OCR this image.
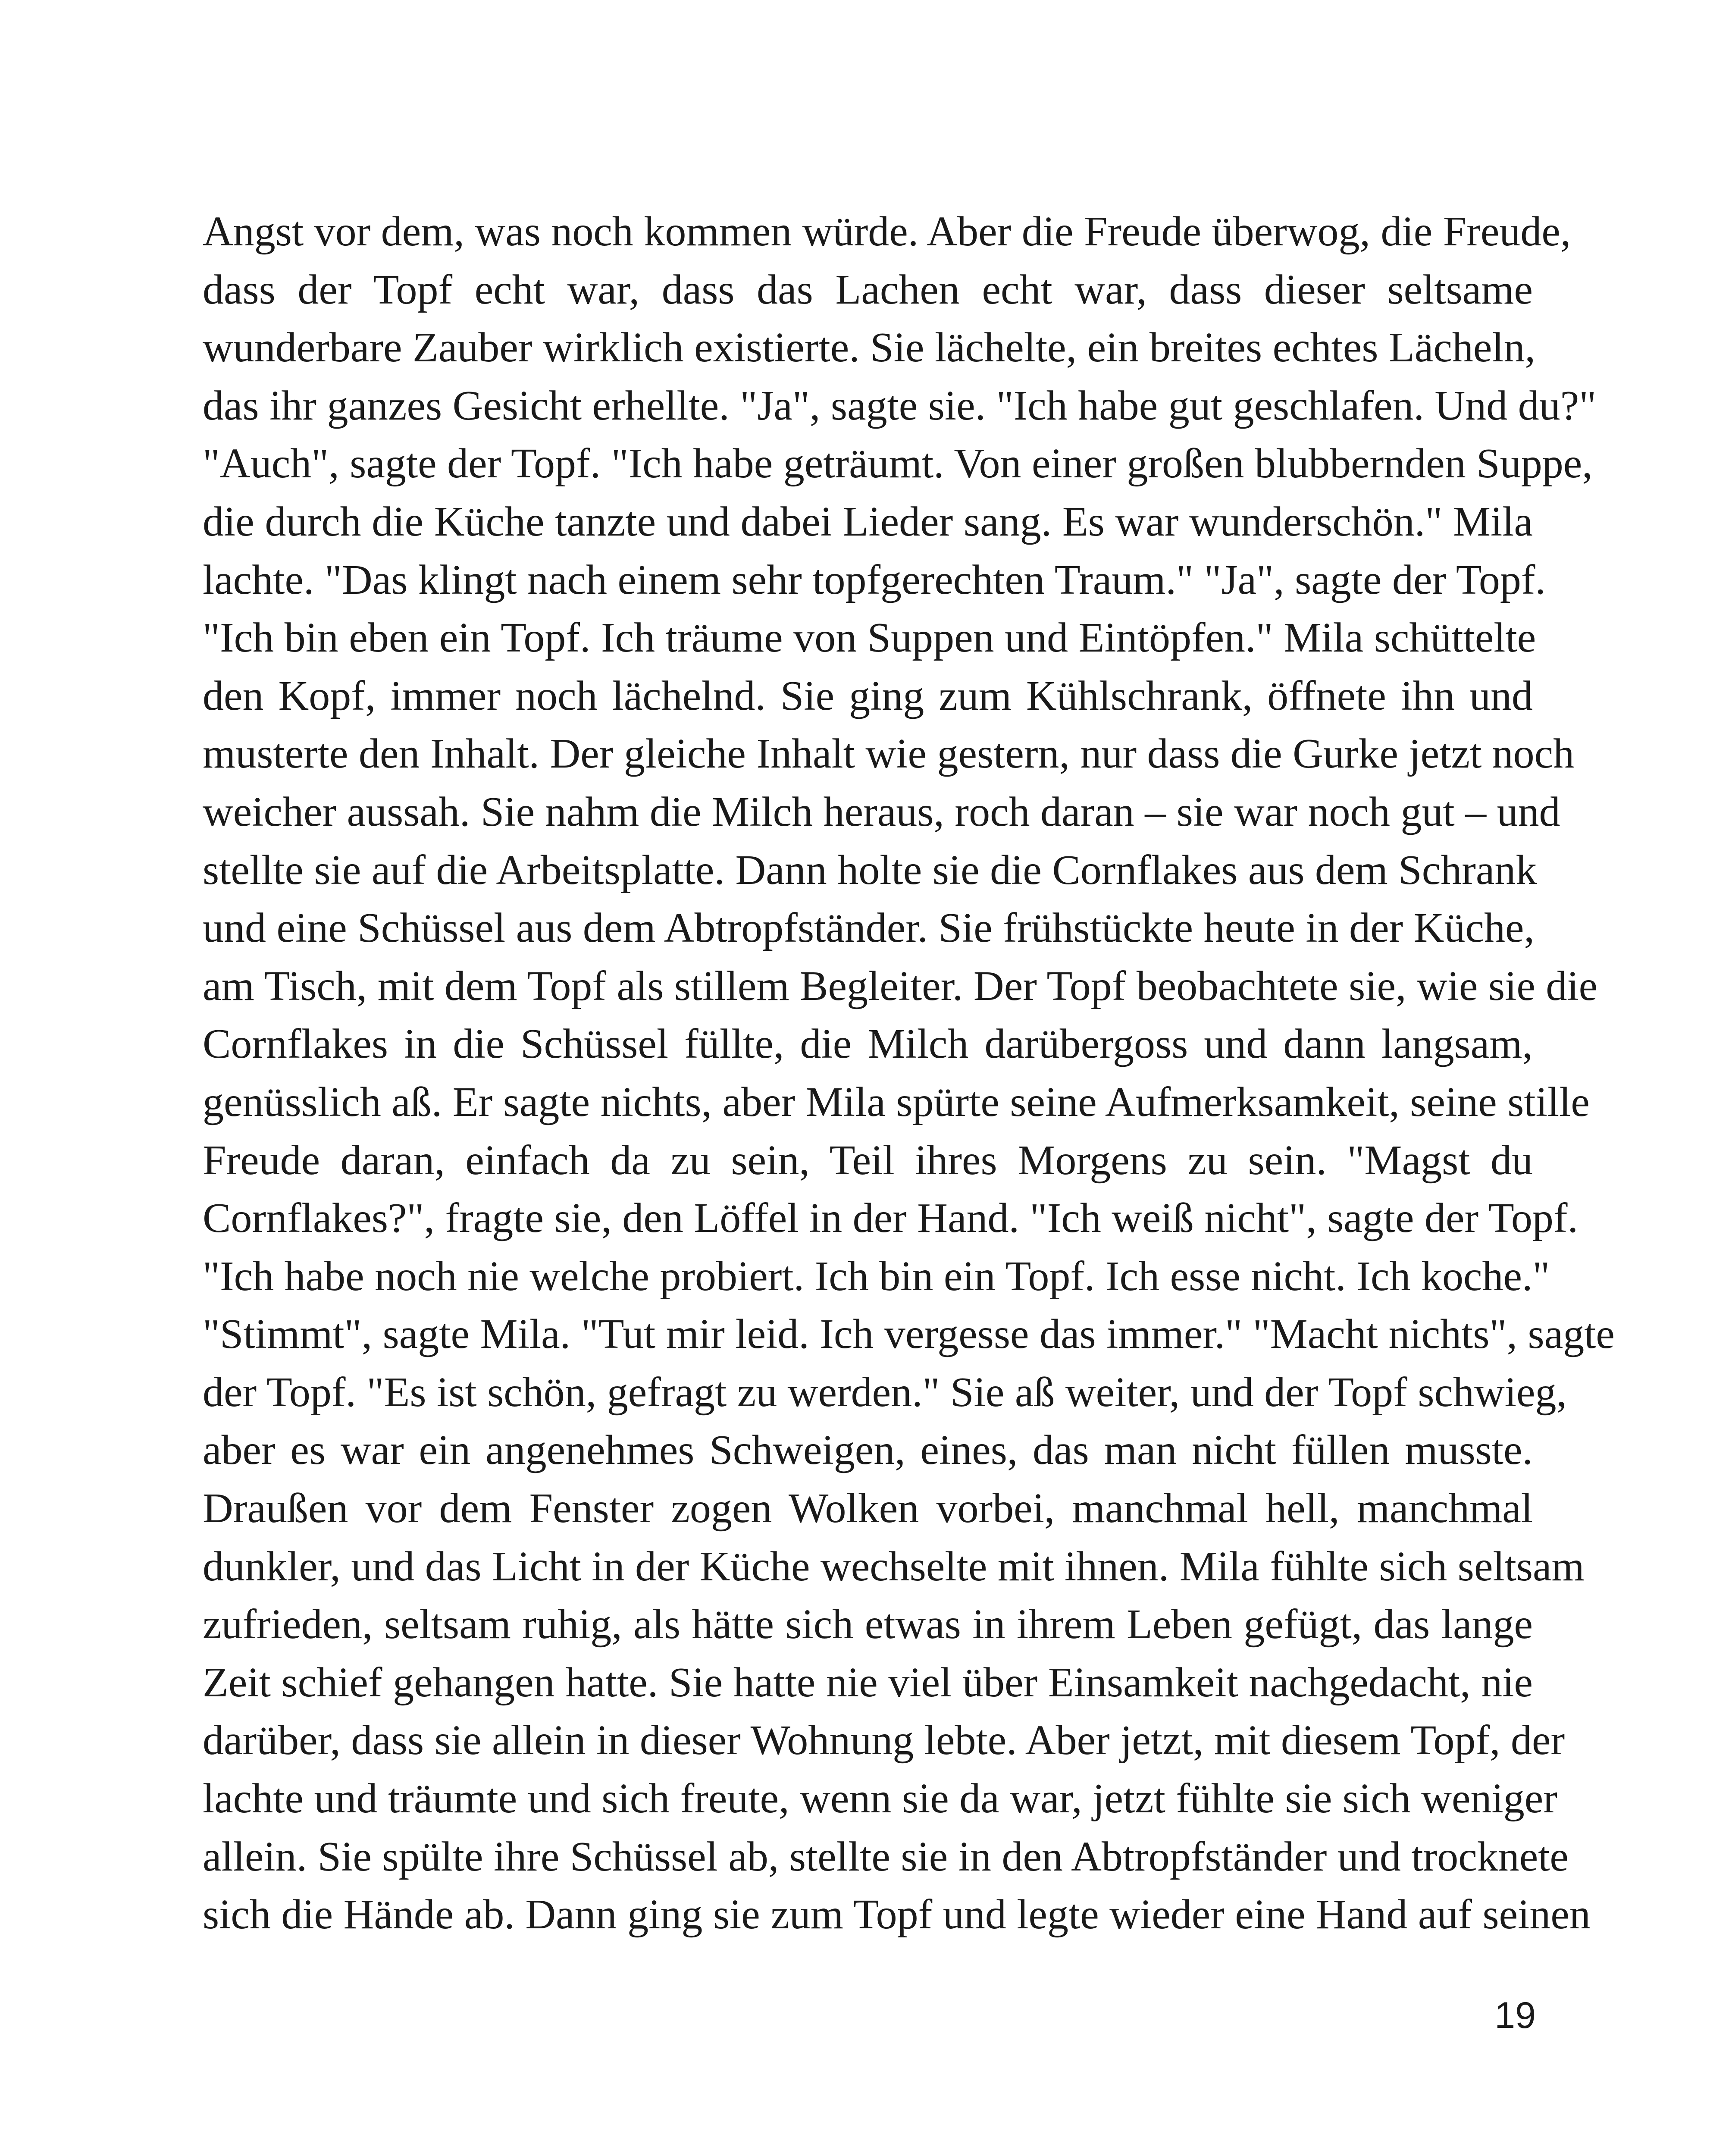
Angst vor dem, was noch kommen würde. Aber die Freude überwog, die Freude,
dass der Topf echt war, dass das Lachen echt war, dass dieser seltsame
wunderbare Zauber wirklich existierte. Sie lächelte, ein breites echtes Lächeln,
das ihr ganzes Gesicht erhellte. "Ja", sagte sie. "Ich habe gut geschlafen. Und du?"
"Auch", sagte der Topf. "Ich habe geträumt. Von einer großen blubbernden Suppe,
die durch die Küche tanzte und dabei Lieder sang. Es war wunderschön." Mila
lachte. "Das klingt nach einem sehr topfgerechten Traum." "Ja", sagte der Topf.
"Ich bin eben ein Topf. Ich träume von Suppen und Eintöpfen." Mila schüttelte
den Kopf, immer noch lächelnd. Sie ging zum Kühlschrank, öffnete ihn und
musterte den Inhalt. Der gleiche Inhalt wie gestern, nur dass die Gurke jetzt noch
weicher aussah. Sie nahm die Milch heraus, roch daran – sie war noch gut – und
stellte sie auf die Arbeitsplatte. Dann holte sie die Cornflakes aus dem Schrank
und eine Schüssel aus dem Abtropfständer. Sie frühstückte heute in der Küche,
am Tisch, mit dem Topf als stillem Begleiter. Der Topf beobachtete sie, wie sie die
Cornflakes in die Schüssel füllte, die Milch darübergoss und dann langsam,
genüsslich aß. Er sagte nichts, aber Mila spürte seine Aufmerksamkeit, seine stille
Freude daran, einfach da zu sein, Teil ihres Morgens zu sein. "Magst du
Cornflakes?", fragte sie, den Löffel in der Hand. "Ich weiß nicht", sagte der Topf.
"Ich habe noch nie welche probiert. Ich bin ein Topf. Ich esse nicht. Ich koche."
"Stimmt", sagte Mila. "Tut mir leid. Ich vergesse das immer." "Macht nichts", sagte
der Topf. "Es ist schön, gefragt zu werden." Sie aß weiter, und der Topf schwieg,
aber es war ein angenehmes Schweigen, eines, das man nicht füllen musste.
Draußen vor dem Fenster zogen Wolken vorbei, manchmal hell, manchmal
dunkler, und das Licht in der Küche wechselte mit ihnen. Mila fühlte sich seltsam
zufrieden, seltsam ruhig, als hätte sich etwas in ihrem Leben gefügt, das lange
Zeit schief gehangen hatte. Sie hatte nie viel über Einsamkeit nachgedacht, nie
darüber, dass sie allein in dieser Wohnung lebte. Aber jetzt, mit diesem Topf, der
lachte und träumte und sich freute, wenn sie da war, jetzt fühlte sie sich weniger
allein. Sie spülte ihre Schüssel ab, stellte sie in den Abtropfständer und trocknete
sich die Hände ab. Dann ging sie zum Topf und legte wieder eine Hand auf seinen
19
